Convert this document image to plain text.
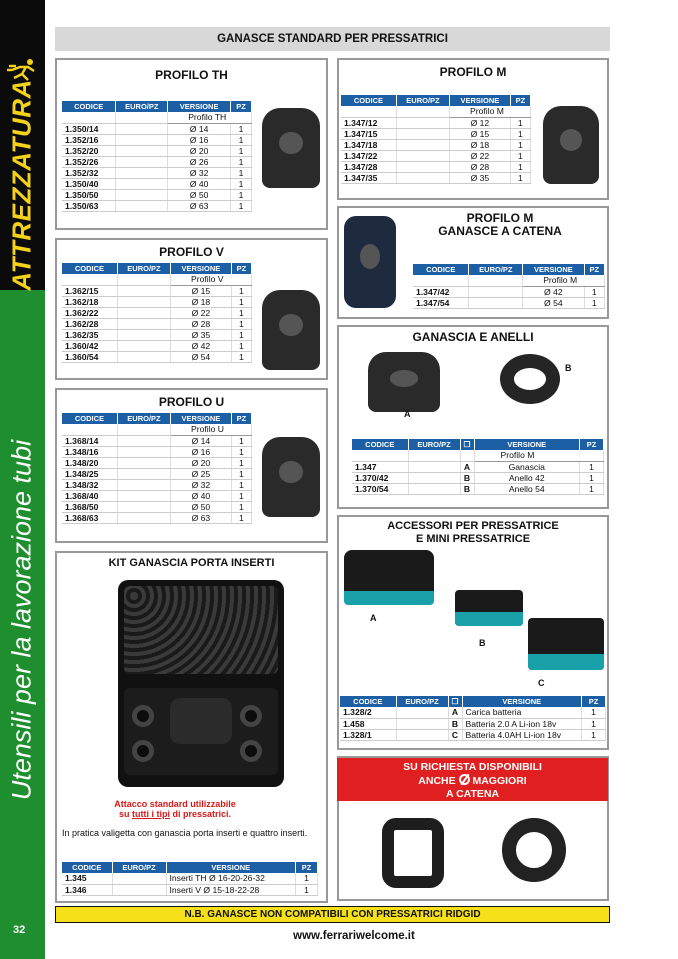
ATTREZZATURA
Utensili per la lavorazione tubi
32
GANASCE STANDARD PER PRESSATRICI
PROFILO TH
CODICE	EURO/PZ	VERSIONE	PZ
		Profilo TH	
1.350/14		Ø 14	1
1.352/16		Ø 16	1
1.352/20		Ø 20	1
1.352/26		Ø 26	1
1.352/32		Ø 32	1
1.350/40		Ø 40	1
1.350/50		Ø 50	1
1.350/63		Ø 63	1
PROFILO V
CODICE	EURO/PZ	VERSIONE	PZ
		Profilo V	
1.362/15		Ø 15	1
1.362/18		Ø 18	1
1.362/22		Ø 22	1
1.362/28		Ø 28	1
1.362/35		Ø 35	1
1.360/42		Ø 42	1
1.360/54		Ø 54	1
PROFILO U
CODICE	EURO/PZ	VERSIONE	PZ
		Profilo U	
1.368/14		Ø 14	1
1.348/16		Ø 16	1
1.348/20		Ø 20	1
1.348/25		Ø 25	1
1.348/32		Ø 32	1
1.368/40		Ø 40	1
1.368/50		Ø 50	1
1.368/63		Ø 63	1
KIT GANASCIA PORTA INSERTI
Attacco standard utilizzabile
su tutti i tipi di pressatrici.
In pratica valigetta con ganascia porta inserti e quattro inserti.
CODICE	EURO/PZ	VERSIONE	PZ
1.345		Inserti TH Ø 16-20-26-32	1
1.346		Inserti V Ø 15-18-22-28	1
PROFILO M
CODICE	EURO/PZ	VERSIONE	PZ
		Profilo M	
1.347/12		Ø 12	1
1.347/15		Ø 15	1
1.347/18		Ø 18	1
1.347/22		Ø 22	1
1.347/28		Ø 28	1
1.347/35		Ø 35	1
PROFILO M
GANASCE A CATENA
CODICE	EURO/PZ	VERSIONE	PZ
		Profilo M	
1.347/42		Ø 42	1
1.347/54		Ø 54	1
GANASCIA E ANELLI
A
B
CODICE	EURO/PZ	❐	VERSIONE	PZ
			Profilo M	
1.347		A	Ganascia	1
1.370/42		B	Anello 42	1
1.370/54		B	Anello 54	1
ACCESSORI PER PRESSATRICE
E MINI PRESSATRICE
A
B
C
CODICE	EURO/PZ	❐	VERSIONE	PZ
1.328/2		A	Carica batteria	1
1.458		B	Batteria 2.0 A Li-ion 18v	1
1.328/1		C	Batteria 4.0AH Li-ion 18v	1
SU RICHIESTA DISPONIBILI
ANCHE
MAGGIORI
A CATENA
N.B. GANASCE NON COMPATIBILI CON PRESSATRICI RIDGID
www.ferrariwelcome.it
